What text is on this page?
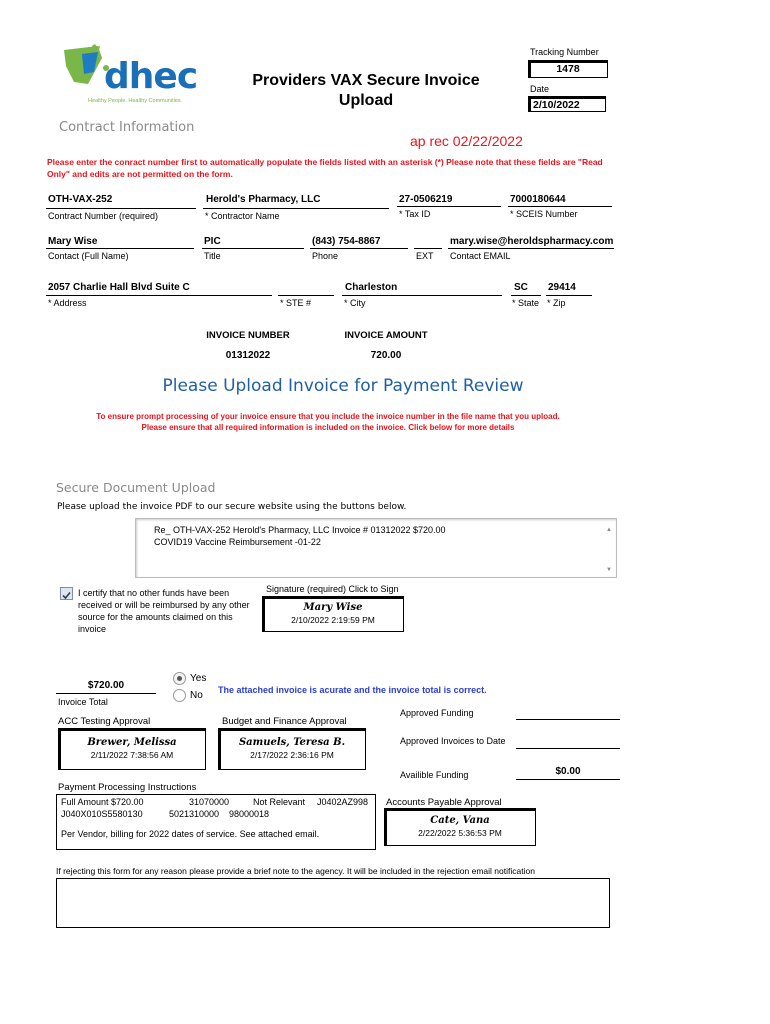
dhec
Healthy People. Healthy Communities.
Providers VAX Secure Invoice
Upload
Tracking Number
1478
Date
2/10/2022
Contract Information
ap rec 02/22/2022
Please enter the conract number first to automatically populate the fields listed with an asterisk (*) Please note that these fields are "Read Only" and edits are not permitted on the form.
OTH-VAX-252
Contract Number (required)
Herold's Pharmacy, LLC
* Contractor Name
27-0506219
* Tax ID
7000180644
* SCEIS Number
Mary Wise
Contact (Full Name)
PIC
Title
(843) 754-8867
Phone	EXT
mary.wise@heroldspharmacy.com
Contact EMAIL
2057 Charlie Hall Blvd Suite C
* Address	* STE #
Charleston
* City
SC
* State
29414
* Zip
INVOICE NUMBER
01312022
INVOICE AMOUNT
720.00
Please Upload Invoice for Payment Review
To ensure prompt processing of your invoice ensure that you include the invoice number in the file name that you upload.
Please ensure that all required information is included on the invoice. Click below for more details
Secure Document Upload
Please upload the invoice PDF to our secure website using the buttons below.
Re_ OTH-VAX-252 Herold's Pharmacy, LLC Invoice # 01312022 $720.00
COVID19 Vaccine Reimbursement -01-22
▲
▼
I certify that no other funds have been received or will be reimbursed by any other source for the amounts claimed on this invoice
Signature (required) Click to Sign
Mary Wise
2/10/2022 2:19:59 PM
$720.00
Invoice Total
Yes
No The attached invoice is acurate and the invoice total is correct.
ACC Testing Approval
Brewer, Melissa
2/11/2022 7:38:56 AM
Budget and Finance Approval
Samuels, Teresa B.
2/17/2022 2:36:16 PM
Approved Funding
Approved Invoices to Date
Availible Funding	$0.00
Payment Processing Instructions
Full Amount $720.00	31070000	Not Relevant J0402AZ998
J040X010S5580130	5021310000 98000018
Per Vendor, billing for 2022 dates of service. See attached email.
Accounts Payable Approval
Cate, Vana
2/22/2022 5:36:53 PM
If rejecting this form for any reason please provide a brief note to the agency. It will be included in the rejection email notification
